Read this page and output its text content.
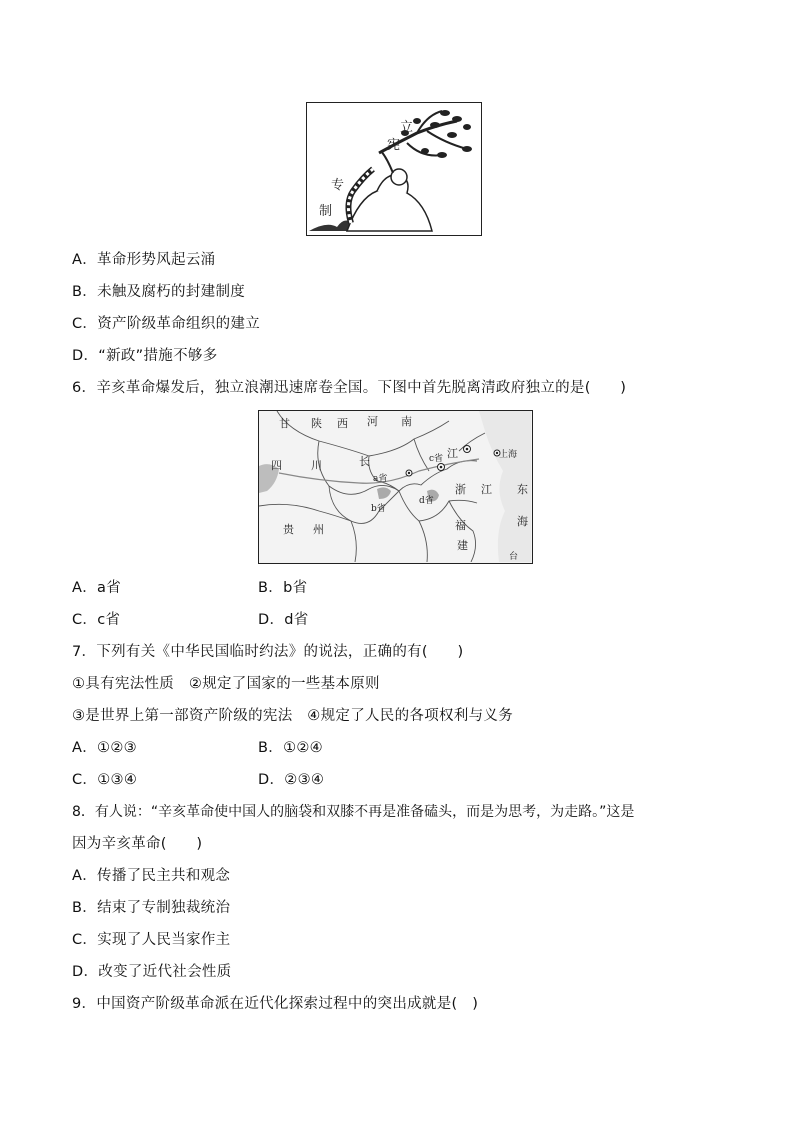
立
宪
专
制
A．革命形势风起云涌
B．未触及腐朽的封建制度
C．资产阶级革命组织的建立
D．“新政”措施不够多
6．辛亥革命爆发后，独立浪潮迅速席卷全国。下图中首先脱离清政府独立的是(　　)
甘 陕 西 河 南
四	川	长
a省
江
c省	上海
浙 江 东
海
b省
d省
贵 州	福
建
台
A．a省	B．b省
C．c省	D．d省
7．下列有关《中华民国临时约法》的说法，正确的有(　　)
①具有宪法性质　②规定了国家的一些基本原则
③是世界上第一部资产阶级的宪法　④规定了人民的各项权利与义务
A．①②③	B．①②④
C．①③④	D．②③④
8．有人说：“辛亥革命使中国人的脑袋和双膝不再是准备磕头，而是为思考，为走路。”这是
因为辛亥革命(　　)
A．传播了民主共和观念
B．结束了专制独裁统治
C．实现了人民当家作主
D．改变了近代社会性质
9．中国资产阶级革命派在近代化探索过程中的突出成就是(　)
